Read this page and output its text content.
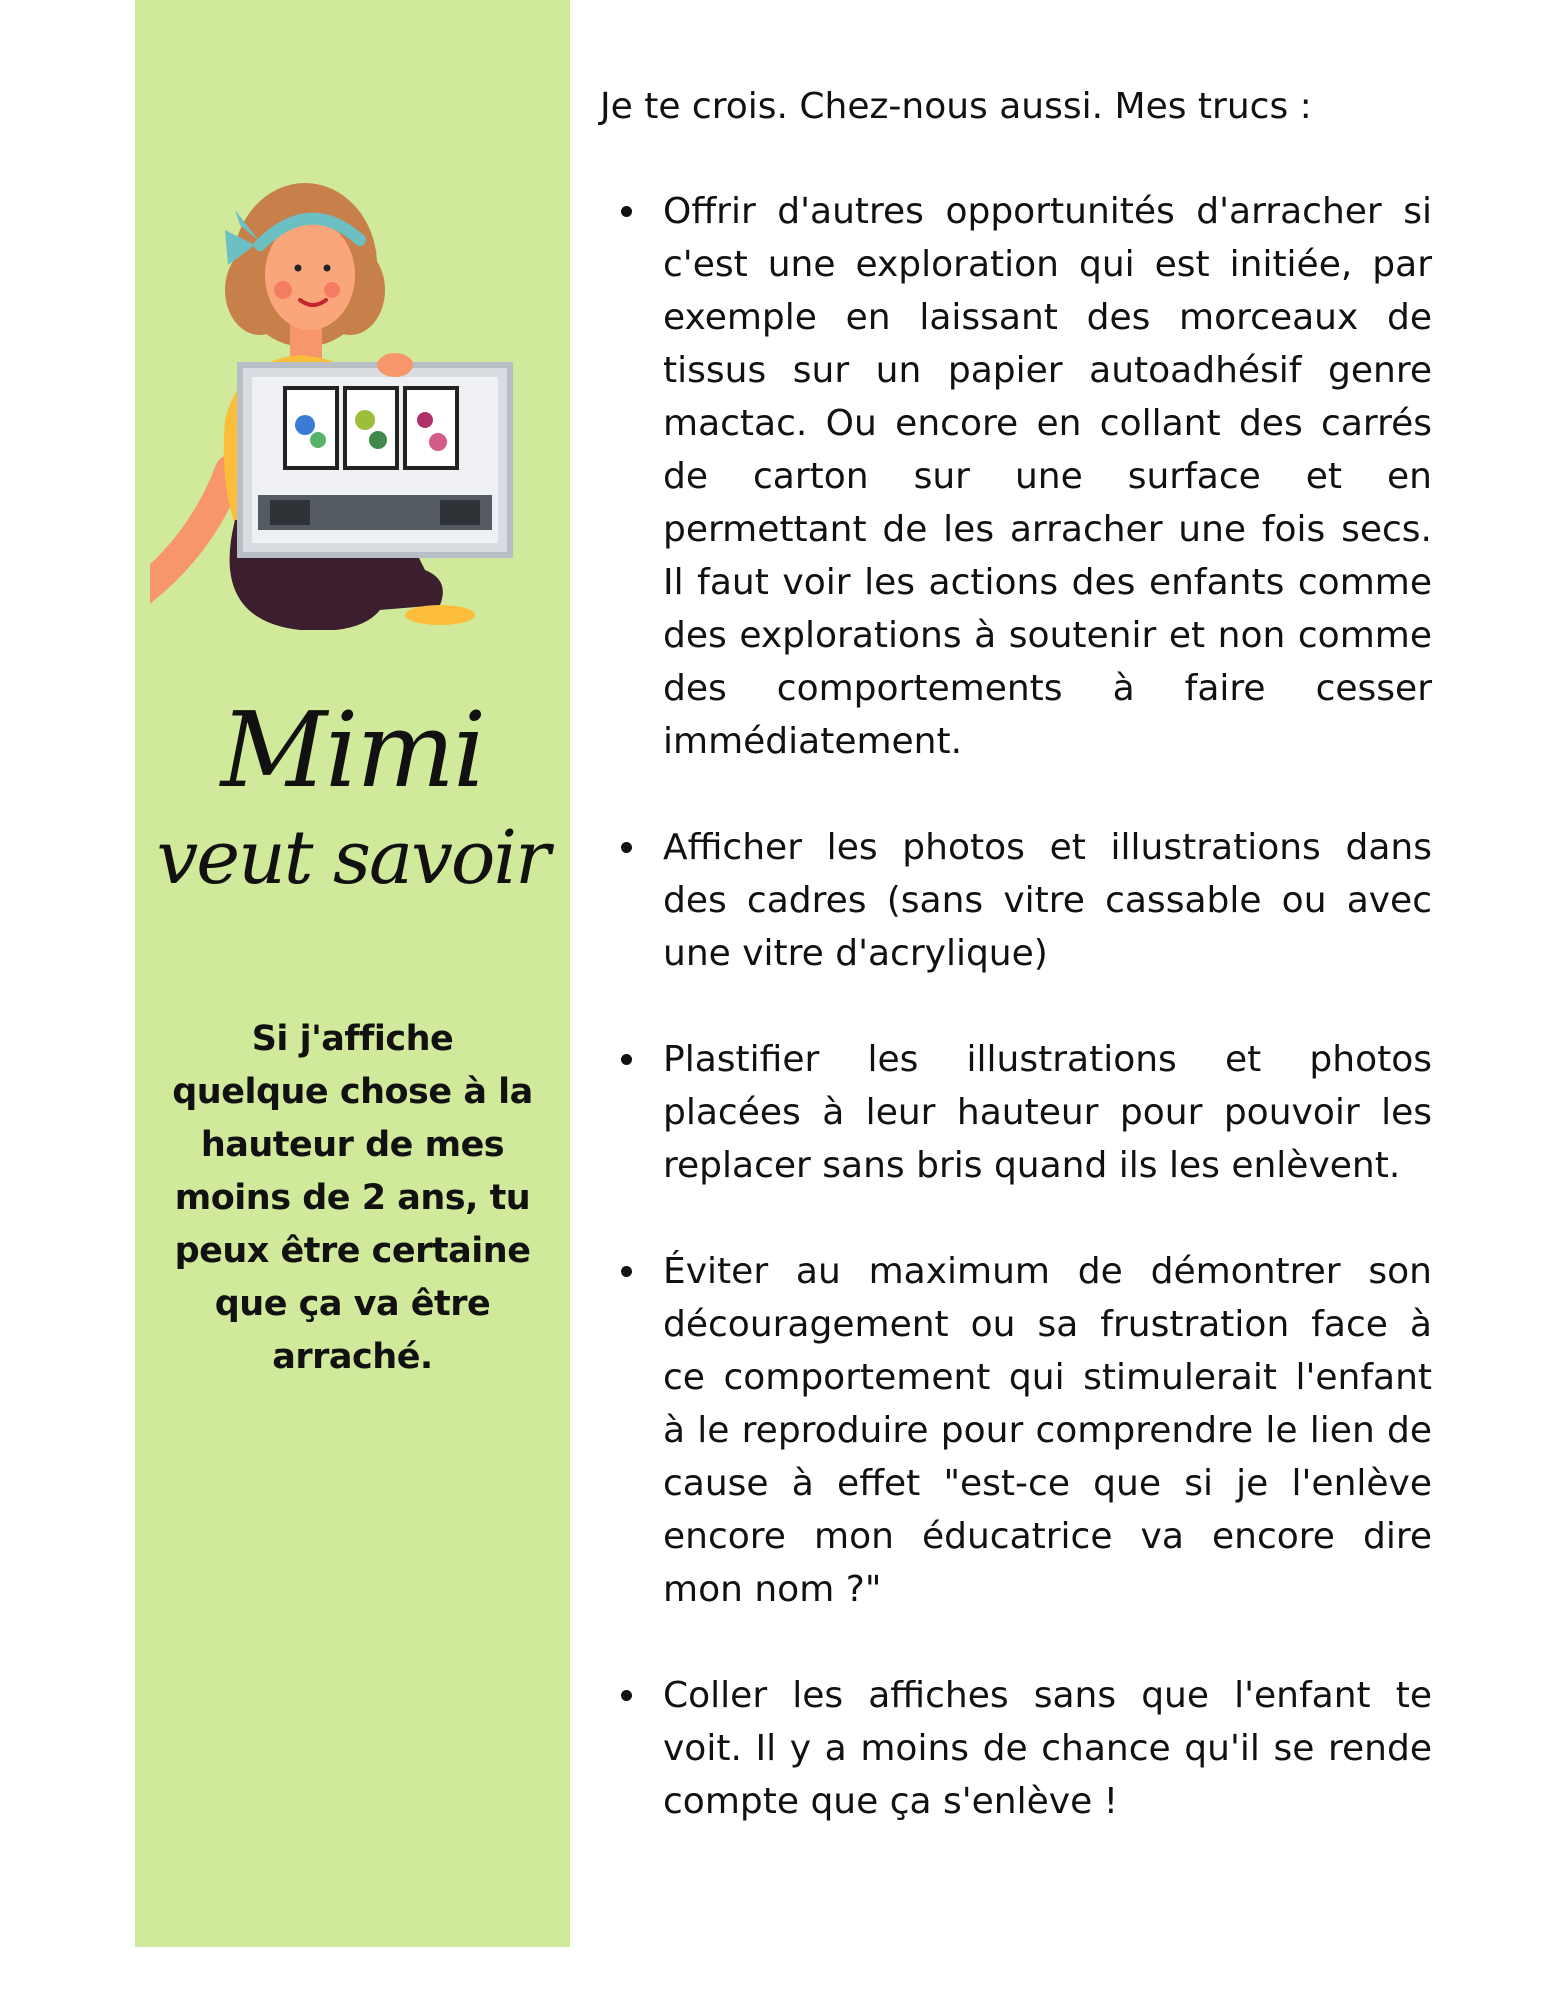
Mimi
veut savoir
Si j'affiche quelque chose à la hauteur de mes moins de 2 ans, tu peux être certaine que ça va être arraché.

Je te crois. Chez-nous aussi. Mes trucs :

Offrir d'autres opportunités d'arracher si c'est une exploration qui est initiée, par exemple en laissant des morceaux de tissus sur un papier autoadhésif genre mactac. Ou encore en collant des carrés de carton sur une surface et en permettant de les arracher une fois secs. Il faut voir les actions des enfants comme des explorations à soutenir et non comme des comportements à faire cesser immédiatement.
Afficher les photos et illustrations dans des cadres (sans vitre cassable ou avec une vitre d'acrylique)
Plastifier les illustrations et photos placées à leur hauteur pour pouvoir les replacer sans bris quand ils les enlèvent.
Éviter au maximum de démontrer son découragement ou sa frustration face à ce comportement qui stimulerait l'enfant à le reproduire pour comprendre le lien de cause à effet "est-ce que si je l'enlève encore mon éducatrice va encore dire mon nom ?"
Coller les affiches sans que l'enfant te voit. Il y a moins de chance qu'il se rende compte que ça s'enlève !
